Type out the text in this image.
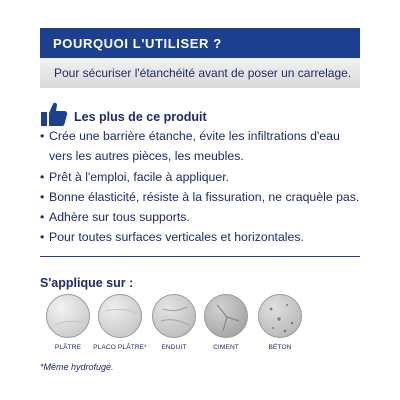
POURQUOI L'UTILISER ?
Pour sécuriser l'étanchéité avant de poser un carrelage.
Les plus de ce produit
• Crée une barrière étanche, évite les infiltrations d'eau vers les autres pièces, les meubles.
• Prêt à l'emploi, facile à appliquer.
• Bonne élasticité, résiste à la fissuration, ne craquèle pas.
• Adhère sur tous supports.
• Pour toutes surfaces verticales et horizontales.
S'applique sur :
PLÂTRE	PLACO PLÂTRE*	ENDUIT	CIMENT	BÉTON
*Même hydrofugé.
